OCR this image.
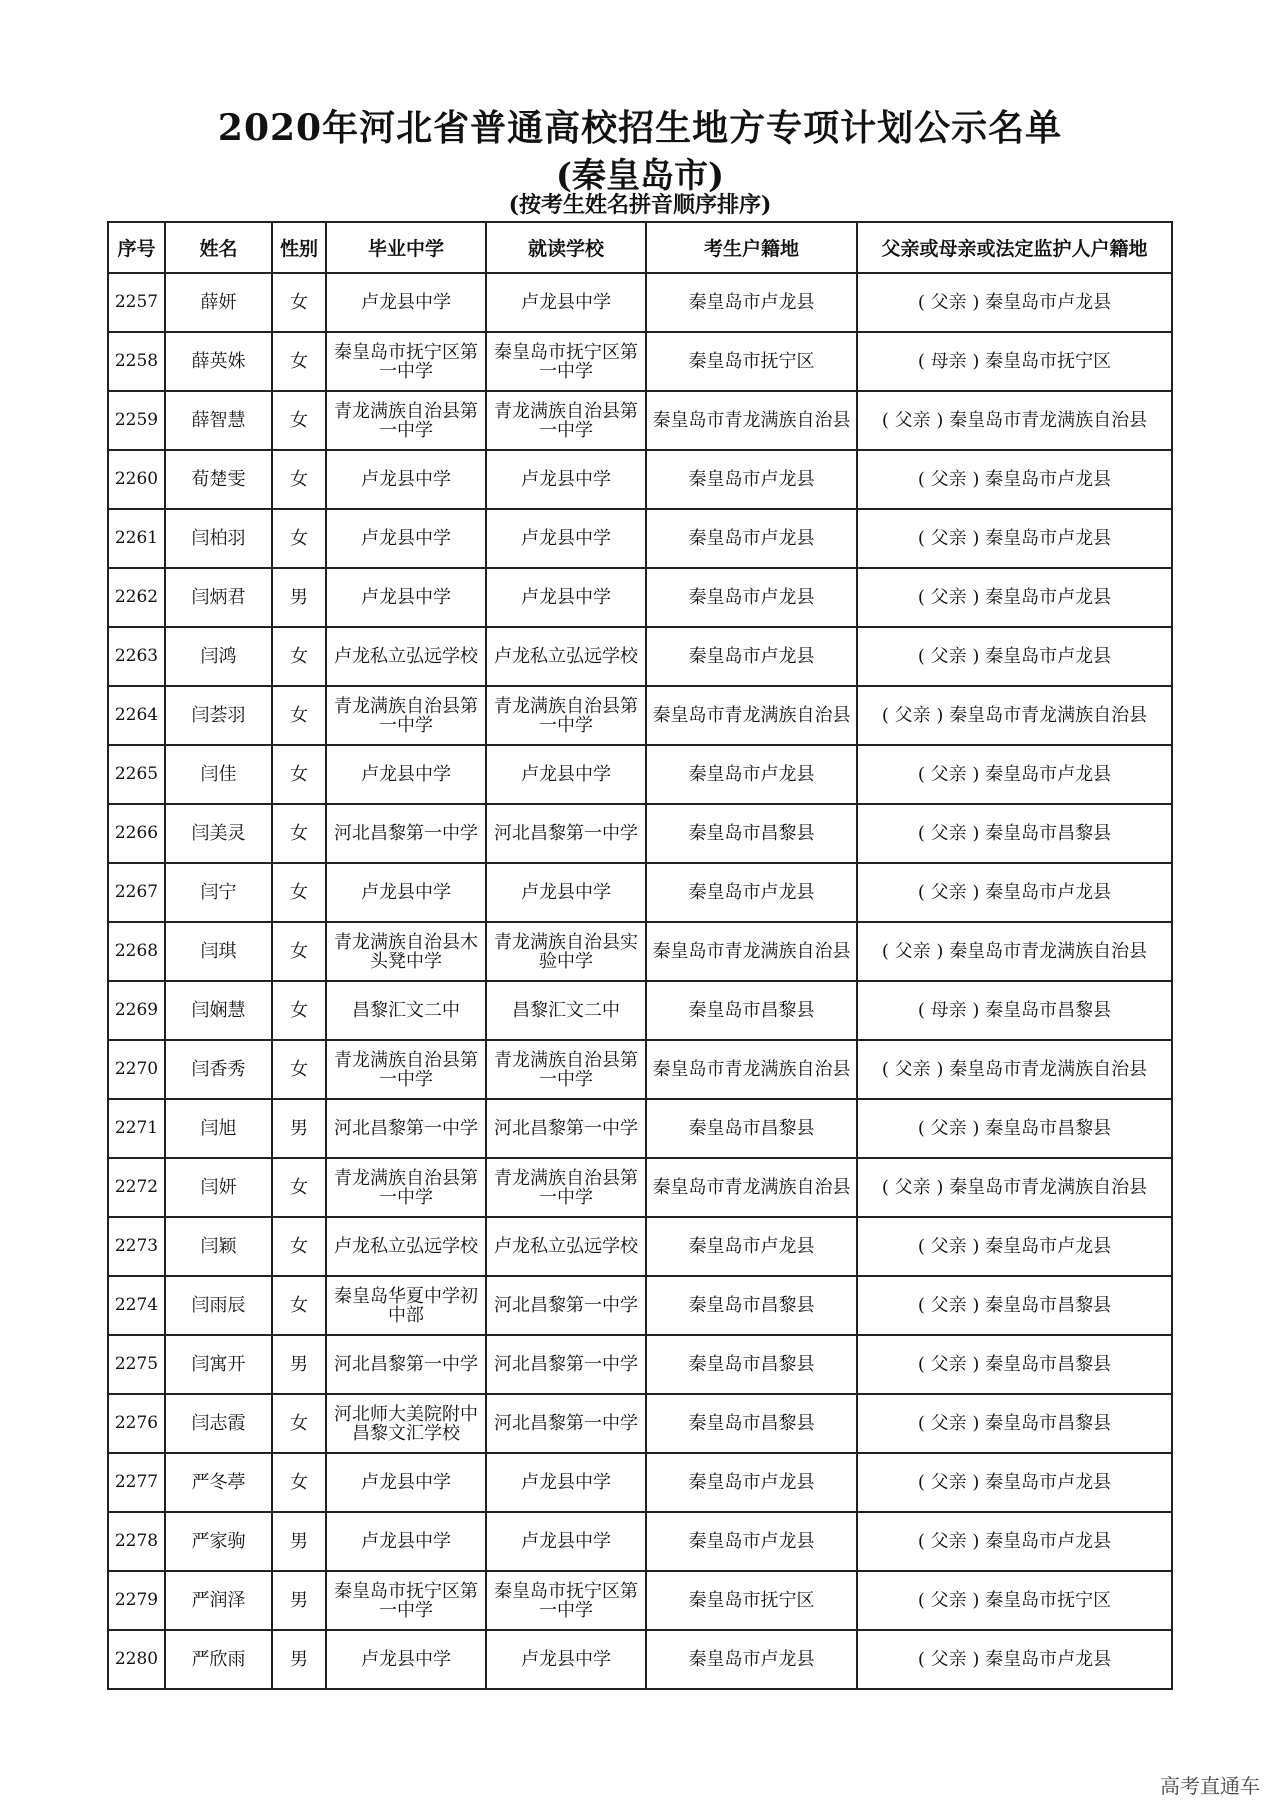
2020年河北省普通高校招生地方专项计划公示名单
(秦皇岛市)
(按考生姓名拼音顺序排序)
序号	姓名	性别	毕业中学	就读学校	考生户籍地	父亲或母亲或法定监护人户籍地
2257	薛妍	女	卢龙县中学	卢龙县中学	秦皇岛市卢龙县	( 父亲 ) 秦皇岛市卢龙县
2258	薛英姝	女	秦皇岛市抚宁区第一中学	秦皇岛市抚宁区第一中学	秦皇岛市抚宁区	( 母亲 ) 秦皇岛市抚宁区
2259	薛智慧	女	青龙满族自治县第一中学	青龙满族自治县第一中学	秦皇岛市青龙满族自治县	( 父亲 ) 秦皇岛市青龙满族自治县
2260	荀楚雯	女	卢龙县中学	卢龙县中学	秦皇岛市卢龙县	( 父亲 ) 秦皇岛市卢龙县
2261	闫柏羽	女	卢龙县中学	卢龙县中学	秦皇岛市卢龙县	( 父亲 ) 秦皇岛市卢龙县
2262	闫炳君	男	卢龙县中学	卢龙县中学	秦皇岛市卢龙县	( 父亲 ) 秦皇岛市卢龙县
2263	闫鸿	女	卢龙私立弘远学校	卢龙私立弘远学校	秦皇岛市卢龙县	( 父亲 ) 秦皇岛市卢龙县
2264	闫荟羽	女	青龙满族自治县第一中学	青龙满族自治县第一中学	秦皇岛市青龙满族自治县	( 父亲 ) 秦皇岛市青龙满族自治县
2265	闫佳	女	卢龙县中学	卢龙县中学	秦皇岛市卢龙县	( 父亲 ) 秦皇岛市卢龙县
2266	闫美灵	女	河北昌黎第一中学	河北昌黎第一中学	秦皇岛市昌黎县	( 父亲 ) 秦皇岛市昌黎县
2267	闫宁	女	卢龙县中学	卢龙县中学	秦皇岛市卢龙县	( 父亲 ) 秦皇岛市卢龙县
2268	闫琪	女	青龙满族自治县木头凳中学	青龙满族自治县实验中学	秦皇岛市青龙满族自治县	( 父亲 ) 秦皇岛市青龙满族自治县
2269	闫娴慧	女	昌黎汇文二中	昌黎汇文二中	秦皇岛市昌黎县	( 母亲 ) 秦皇岛市昌黎县
2270	闫香秀	女	青龙满族自治县第一中学	青龙满族自治县第一中学	秦皇岛市青龙满族自治县	( 父亲 ) 秦皇岛市青龙满族自治县
2271	闫旭	男	河北昌黎第一中学	河北昌黎第一中学	秦皇岛市昌黎县	( 父亲 ) 秦皇岛市昌黎县
2272	闫妍	女	青龙满族自治县第一中学	青龙满族自治县第一中学	秦皇岛市青龙满族自治县	( 父亲 ) 秦皇岛市青龙满族自治县
2273	闫颖	女	卢龙私立弘远学校	卢龙私立弘远学校	秦皇岛市卢龙县	( 父亲 ) 秦皇岛市卢龙县
2274	闫雨辰	女	秦皇岛华夏中学初中部	河北昌黎第一中学	秦皇岛市昌黎县	( 父亲 ) 秦皇岛市昌黎县
2275	闫寓开	男	河北昌黎第一中学	河北昌黎第一中学	秦皇岛市昌黎县	( 父亲 ) 秦皇岛市昌黎县
2276	闫志霞	女	河北师大美院附中昌黎文汇学校	河北昌黎第一中学	秦皇岛市昌黎县	( 父亲 ) 秦皇岛市昌黎县
2277	严冬葶	女	卢龙县中学	卢龙县中学	秦皇岛市卢龙县	( 父亲 ) 秦皇岛市卢龙县
2278	严家驹	男	卢龙县中学	卢龙县中学	秦皇岛市卢龙县	( 父亲 ) 秦皇岛市卢龙县
2279	严润泽	男	秦皇岛市抚宁区第一中学	秦皇岛市抚宁区第一中学	秦皇岛市抚宁区	( 父亲 ) 秦皇岛市抚宁区
2280	严欣雨	男	卢龙县中学	卢龙县中学	秦皇岛市卢龙县	( 父亲 ) 秦皇岛市卢龙县
高考直通车
